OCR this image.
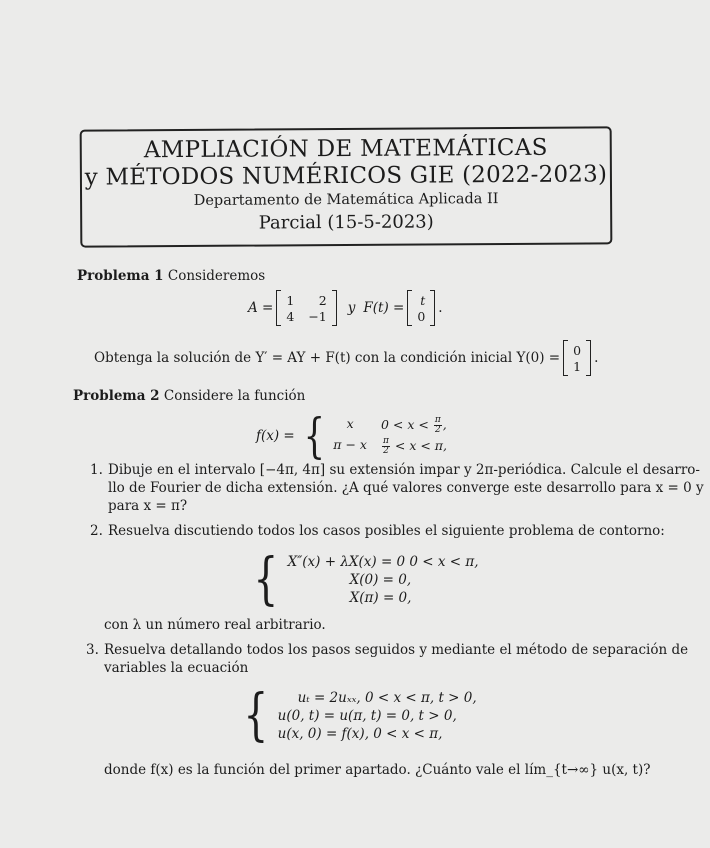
AMPLIACIÓN DE MATEMÁTICAS
y MÉTODOS NUMÉRICOS GIE (2022-2023)
Departamento de Matemática Aplicada II
Parcial (15-5-2023)
Problema 1 Consideremos
A = 1	2
4 −1 y F(t) = t
0 .
Obtenga la solución de Y′ = AY + F(t) con la condición inicial Y(0) = 0
1 .
Problema 2 Considere la función
f(x) = {	x	$0 < x < \frac{\pi}{2}$ ,
π − x $\frac{\pi}{2} < x < \pi$,
1. Dibuje en el intervalo [−4π, 4π] su extensión impar y 2π-periódica. Calcule el desarro-
llo de Fourier de dicha extensión. ¿A qué valores converge este desarrollo para x = 0 y
para x = π?
2. Resuelva discutiendo todos los casos posibles el siguiente problema de contorno:
{ X″(x) + λX(x) = 0 0 < x < π,
X(0) = 0,
X(π) = 0,
con λ un número real arbitrario.
3. Resuelva detallando todos los pasos seguidos y mediante el método de separación de
variables la ecuación
{	uₜ = 2uₓₓ, 0 < x < π, t > 0,
u(0, t) = u(π, t) = 0, t > 0,
u(x, 0) = f(x), 0 < x < π,
donde f(x) es la función del primer apartado. ¿Cuánto vale el lím_{t→∞} u(x, t)?
